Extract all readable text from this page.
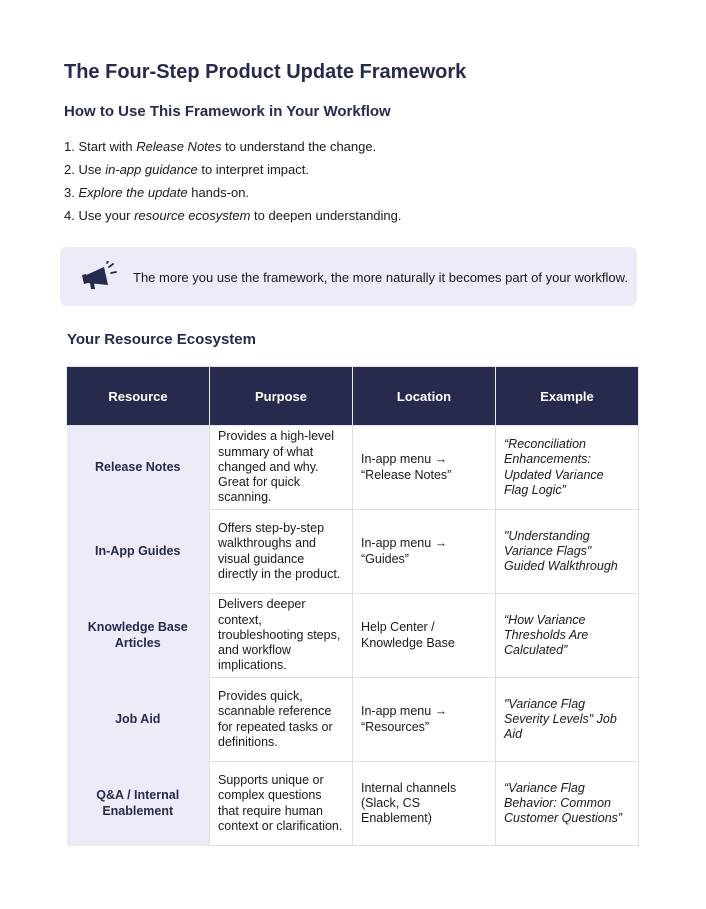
The Four-Step Product Update Framework
How to Use This Framework in Your Workflow
1. Start with Release Notes to understand the change.
2. Use in-app guidance to interpret impact.
3. Explore the update hands-on.
4. Use your resource ecosystem to deepen understanding.
The more you use the framework, the more naturally it becomes part of your workflow.
Your Resource Ecosystem
Resource	Purpose	Location	Example
Release Notes	Provides a high-level summary of what changed and why. Great for quick scanning.	In-app menu → “Release Notes”	“Reconciliation Enhancements: Updated Variance Flag Logic”
In-App Guides	Offers step-by-step walkthroughs and visual guidance directly in the product.	In-app menu → “Guides”	"Understanding Variance Flags" Guided Walkthrough
Knowledge Base Articles	Delivers deeper context, troubleshooting steps, and workflow implications.	Help Center / Knowledge Base	“How Variance Thresholds Are Calculated”
Job Aid	Provides quick, scannable reference for repeated tasks or definitions.	In-app menu → “Resources”	"Variance Flag Severity Levels" Job Aid
Q&A / Internal Enablement	Supports unique or complex questions that require human context or clarification.	Internal channels (Slack, CS Enablement)	“Variance Flag Behavior: Common Customer Questions”
